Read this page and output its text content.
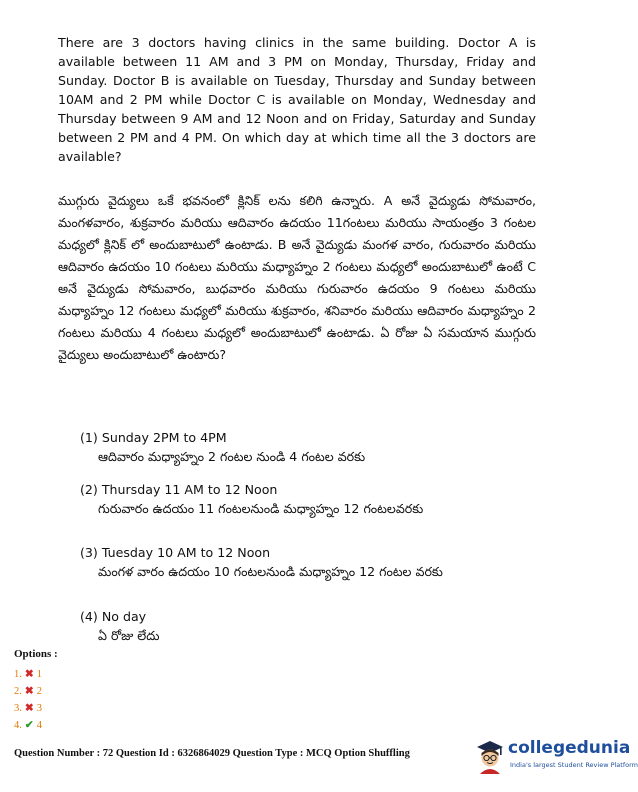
There are 3 doctors having clinics in the same building. Doctor A is available between 11 AM and 3 PM on Monday, Thursday, Friday and Sunday. Doctor B is available on Tuesday, Thursday and Sunday between 10AM and 2 PM while Doctor C is available on Monday, Wednesday and Thursday between 9 AM and 12 Noon and on Friday, Saturday and Sunday between 2 PM and 4 PM. On which day at which time all the 3 doctors are available?
ముగ్గురు వైద్యులు ఒకే భవనంలో క్లినిక్ లను కలిగి ఉన్నారు. A అనే వైద్యుడు సోమవారం, మంగళవారం, శుక్రవారం మరియు ఆదివారం ఉదయం 11గంటలు మరియు సాయంత్రం 3 గంటల మధ్యలో క్లినిక్ లో అందుబాటులో ఉంటాడు. B అనే వైద్యుడు మంగళ వారం, గురువారం మరియు ఆదివారం ఉదయం 10 గంటలు మరియు మధ్యాహ్నం 2 గంటలు మధ్యలో అందుబాటులో ఉంటే C అనే వైద్యుడు సోమవారం, బుధవారం మరియు గురువారం ఉదయం 9 గంటలు మరియు మధ్యాహ్నం 12 గంటలు మధ్యలో మరియు శుక్రవారం, శనివారం మరియు ఆదివారం మధ్యాహ్నం 2 గంటలు మరియు 4 గంటలు మధ్యలో అందుబాటులో ఉంటాడు. ఏ రోజు ఏ సమయాన ముగ్గురు వైద్యులు అందుబాటులో ఉంటారు?
(1) Sunday 2PM to 4PM
ఆదివారం మధ్యాహ్నం 2 గంటల నుండి 4 గంటల వరకు
(2) Thursday 11 AM to 12 Noon
గురువారం ఉదయం 11 గంటలనుండి మధ్యాహ్నం 12 గంటలవరకు
(3) Tuesday 10 AM to 12 Noon
మంగళ వారం ఉదయం 10 గంటలనుండి మధ్యాహ్నం 12 గంటల వరకు
(4) No day
ఏ రోజు లేదు
Options :
1. ✖ 1
2. ✖ 2
3. ✖ 3
4. ✔ 4
Question Number : 72 Question Id : 6326864029 Question Type : MCQ Option Shuffling	collegedunia
India's largest Student Review Platform
